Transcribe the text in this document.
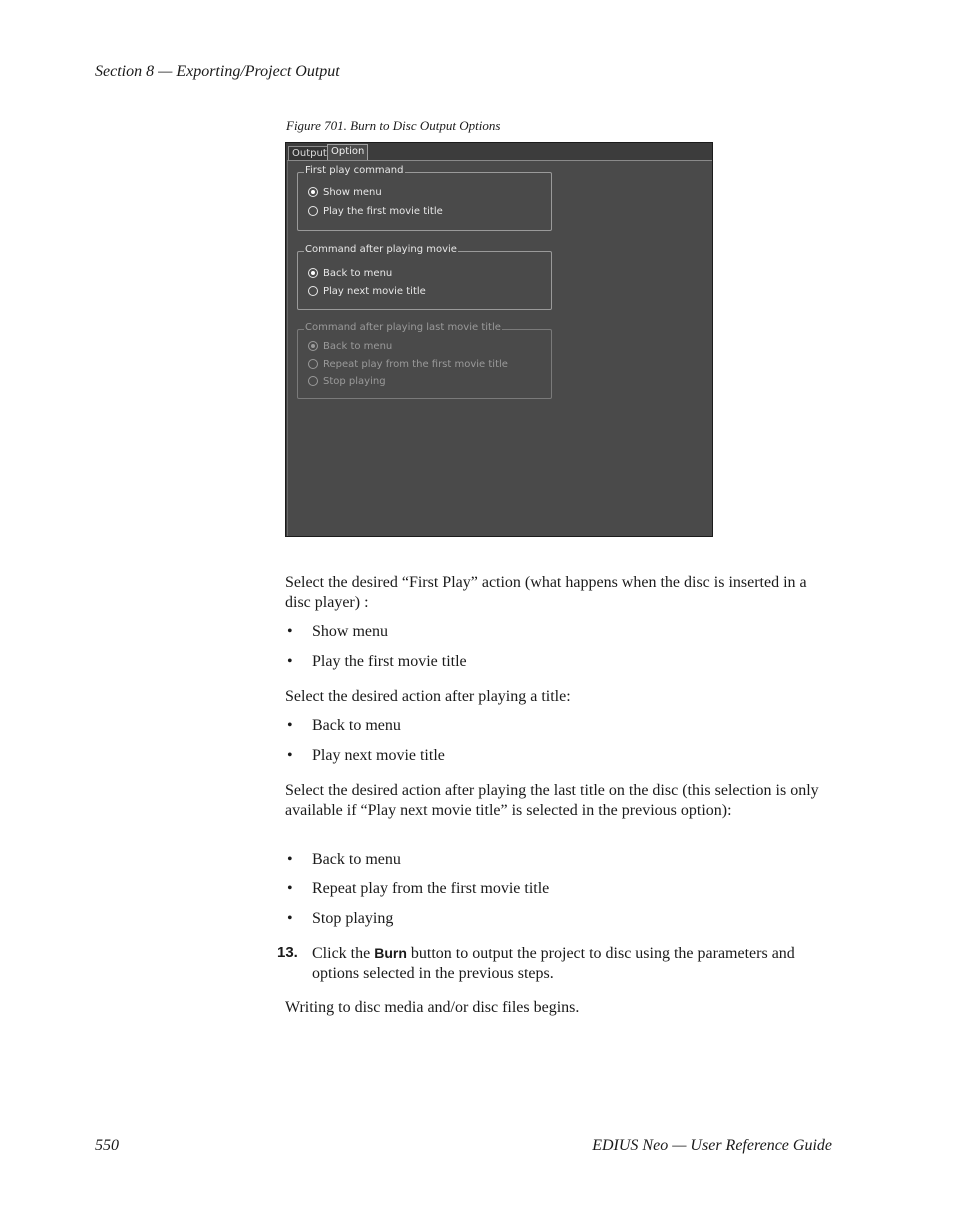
Section 8 — Exporting/Project Output
Figure 701. Burn to Disc Output Options
Output Option
First play command
Show menu
Play the first movie title
Command after playing movie
Back to menu
Play next movie title
Command after playing last movie title
Back to menu
Repeat play from the first movie title
Stop playing
Select the desired “First Play” action (what happens when the disc is inserted in a disc player) :
•	Show menu
•	Play the first movie title
Select the desired action after playing a title:
•	Back to menu
•	Play next movie title
Select the desired action after playing the last title on the disc (this selection is only available if “Play next movie title” is selected in the previous option):
•	Back to menu
•	Repeat play from the first movie title
•	Stop playing
13. Click the Burn button to output the project to disc using the parameters and options selected in the previous steps.
Writing to disc media and/or disc files begins.
550	EDIUS Neo — User Reference Guide
